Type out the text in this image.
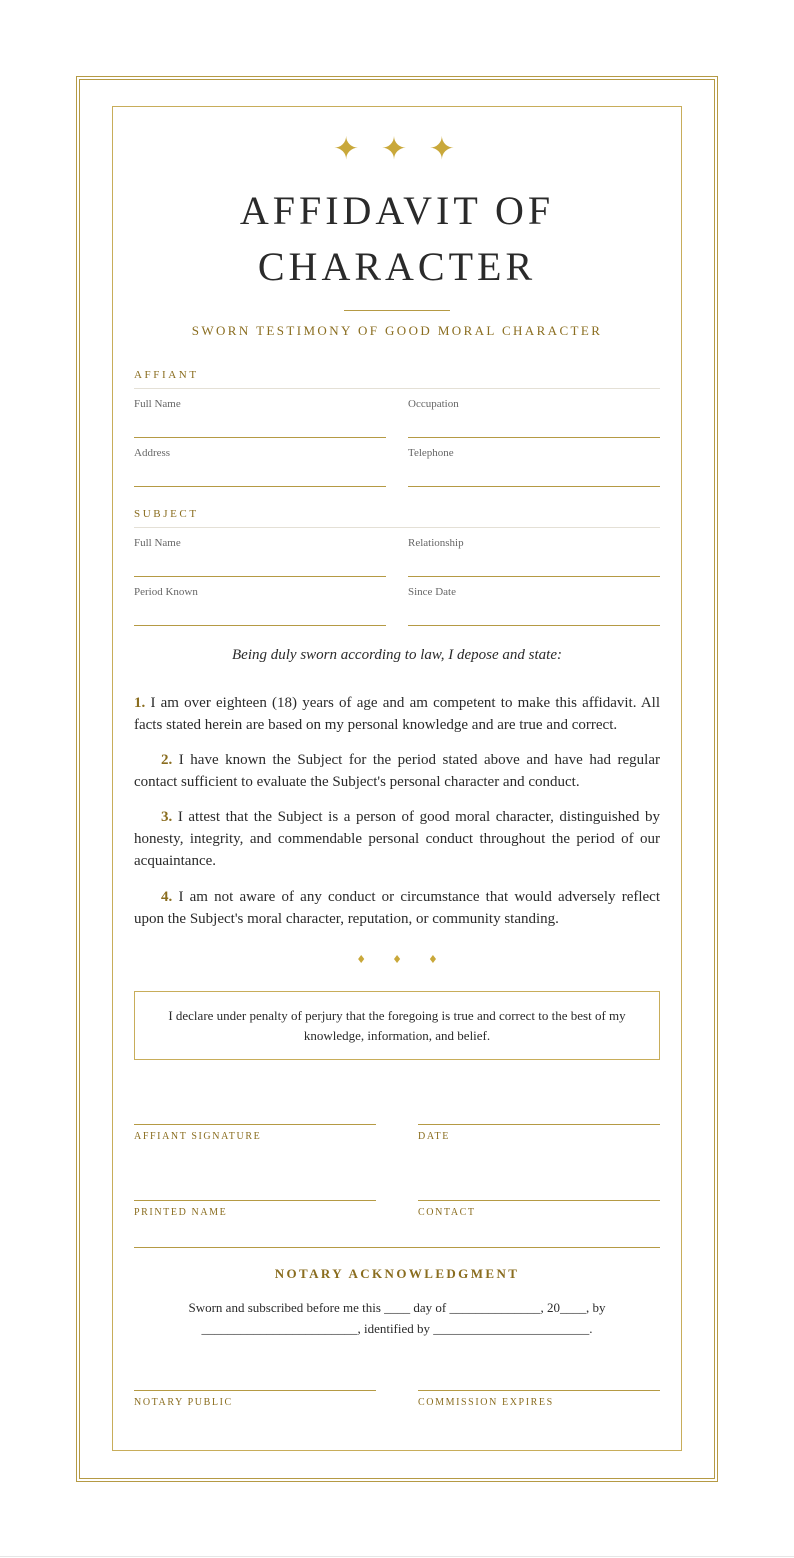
✦ ✦ ✦
AFFIDAVIT OF CHARACTER
SWORN TESTIMONY OF GOOD MORAL CHARACTER
AFFIANT
Full Name	Occupation
Address	Telephone
SUBJECT
Full Name	Relationship
Period Known	Since Date
Being duly sworn according to law, I depose and state:
1. I am over eighteen (18) years of age and am competent to make this affidavit. All facts stated herein are based on my personal knowledge and are true and correct.
2. I have known the Subject for the period stated above and have had regular contact sufficient to evaluate the Subject's personal character and conduct.
3. I attest that the Subject is a person of good moral character, distinguished by honesty, integrity, and commendable personal conduct throughout the period of our acquaintance.
4. I am not aware of any conduct or circumstance that would adversely reflect upon the Subject's moral character, reputation, or community standing.
♦ ♦ ♦
I declare under penalty of perjury that the foregoing is true and correct to the best of my knowledge, information, and belief.
AFFIANT SIGNATURE	DATE
PRINTED NAME	CONTACT
NOTARY ACKNOWLEDGMENT
Sworn and subscribed before me this ____ day of ______________, 20____, by ________________________, identified by ________________________.
NOTARY PUBLIC	COMMISSION EXPIRES
